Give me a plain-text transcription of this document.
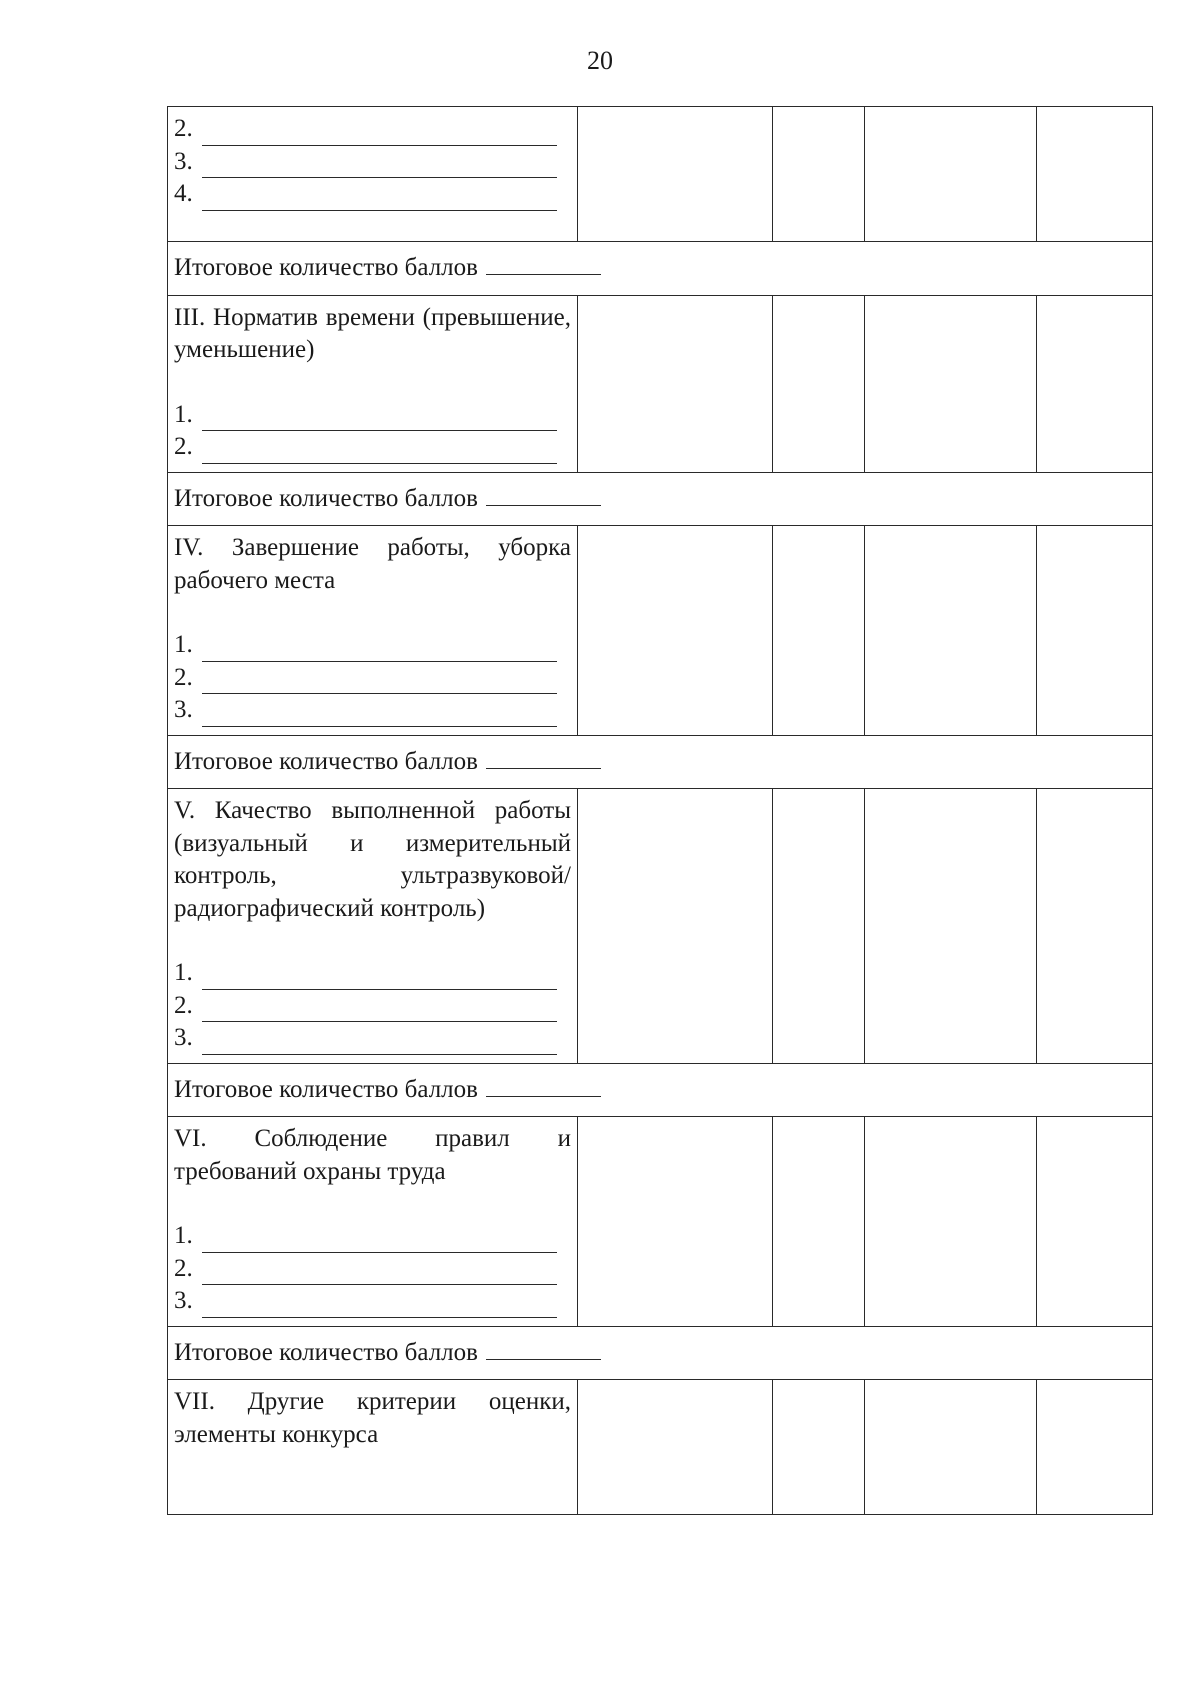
20
2.
3.
4.				

Итоговое количество баллов				

III. Норматив времени (превышение, уменьшение)
1.
2.				

Итоговое количество баллов				

IV. Завершение работы, уборка рабочего места
1.
2.
3.				

Итоговое количество баллов				

V. Качество выполненной работы (визуальный и измерительный контроль, ультразвуковой/ радиографический контроль)
1.
2.
3.				

Итоговое количество баллов				

VI. Соблюдение правил и требований охраны труда
1.
2.
3.				

Итоговое количество баллов				

VII. Другие критерии оценки, элементы конкурса				
